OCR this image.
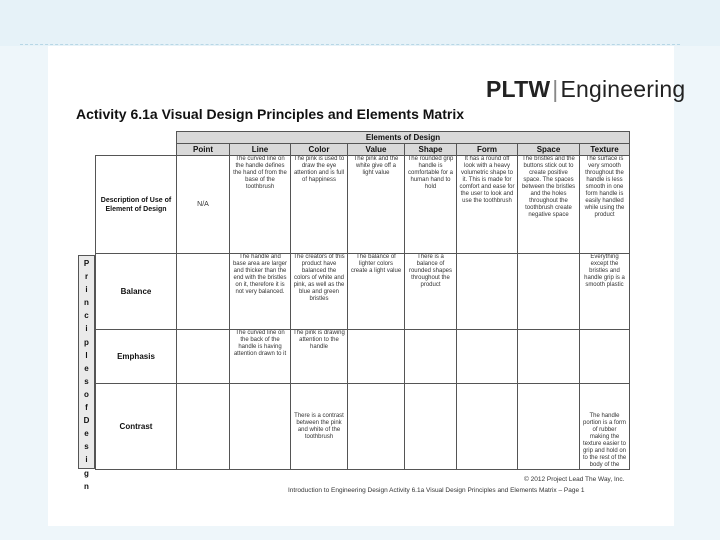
PLTW|Engineering
Activity 6.1a Visual Design Principles and Elements Matrix
	Elements of Design							
	Point	Line	Color	Value	Shape	Form	Space	Texture
Description of Use of Element of Design	N/A	The curved line on the handle defines the hand of from the base of the toothbrush	The pink is used to draw the eye attention and is full of happiness	The pink and the white give off a light value	The rounded grip handle is comfortable for a human hand to hold	It has a round off look with a heavy volumetric shape to it. This is made for comfort and ease for the user to look and use the toothbrush	The bristles and the buttons stick out to create positive space. The spaces between the bristles and the holes throughout the toothbrush create negative space	The surface is very smooth throughout the handle is less smooth in one form handle is easily handled while using the product
Balance		The handle and base area are larger and thicker than the end with the bristles on it, therefore it is not very balanced.	The creators of this product have balanced the colors of white and pink, as well as the blue and green bristles	The balance of lighter colors create a light value	There is a balance of rounded shapes throughout the product			Everything except the bristles and handle grip is a smooth plastic
Emphasis		The curved line on the back of the handle is having attention drawn to it	The pink is drawing attention to the handle					
Contrast			There is a contrast between the pink and white of the toothbrush					The handle portion is a form of rubber making the texture easier to grip and hold on to the rest of the body of the
P
r
i
n
c
i
p
l
e
s
o
f
D
e
s
i
g
n
© 2012 Project Lead The Way, Inc.
Introduction to Engineering Design Activity 6.1a Visual Design Principles and Elements Matrix – Page 1
